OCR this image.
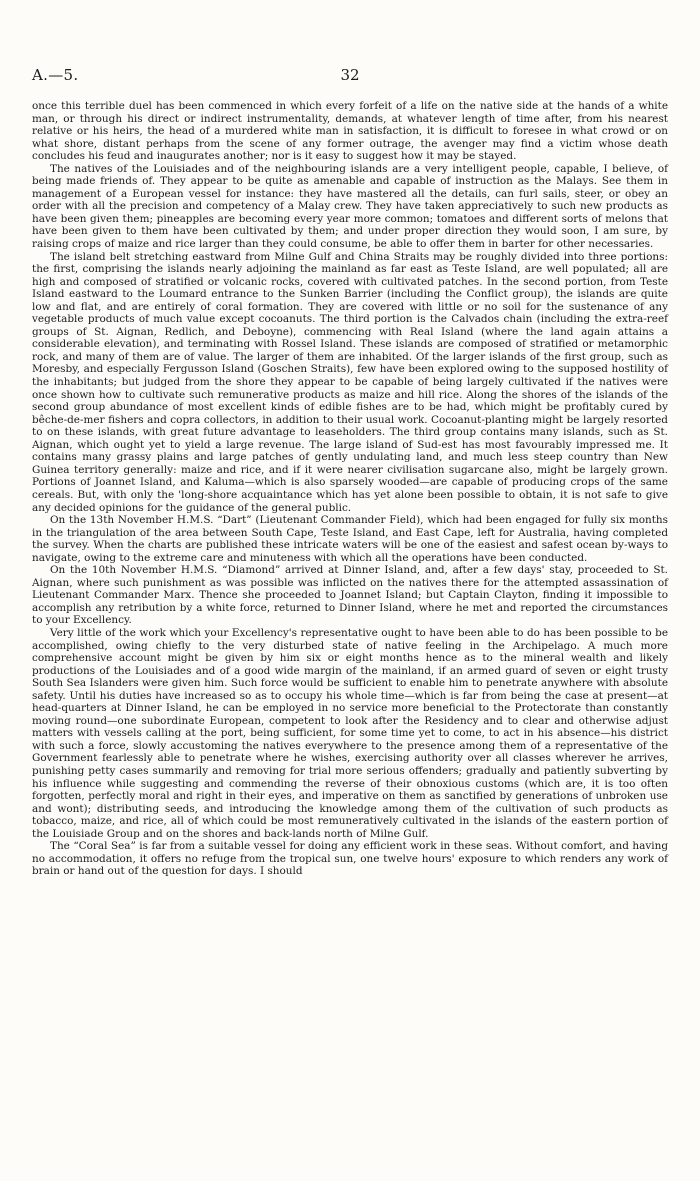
A.—5.	32

once this terrible duel has been commenced in which every forfeit of a life on the native side at the hands of a white man, or through his direct or indirect instrumentality, demands, at whatever length of time after, from his nearest relative or his heirs, the head of a murdered white man in satisfaction, it is difficult to foresee in what crowd or on what shore, distant perhaps from the scene of any former outrage, the avenger may find a victim whose death concludes his feud and inaugurates another; nor is it easy to suggest how it may be stayed.

The natives of the Louisiades and of the neighbouring islands are a very intelligent people, capable, I believe, of being made friends of. They appear to be quite as amenable and capable of instruction as the Malays. See them in management of a European vessel for instance: they have mastered all the details, can furl sails, steer, or obey an order with all the precision and competency of a Malay crew. They have taken appreciatively to such new products as have been given them; pineapples are becoming every year more common; tomatoes and different sorts of melons that have been given to them have been cultivated by them; and under proper direction they would soon, I am sure, by raising crops of maize and rice larger than they could consume, be able to offer them in barter for other necessaries.

The island belt stretching eastward from Milne Gulf and China Straits may be roughly divided into three portions: the first, comprising the islands nearly adjoining the mainland as far east as Teste Island, are well populated; all are high and composed of stratified or volcanic rocks, covered with cultivated patches. In the second portion, from Teste Island eastward to the Loumard entrance to the Sunken Barrier (including the Conflict group), the islands are quite low and flat, and are entirely of coral formation. They are covered with little or no soil for the sustenance of any vegetable products of much value except cocoanuts. The third portion is the Calvados chain (including the extra-reef groups of St. Aignan, Redlich, and Deboyne), commencing with Real Island (where the land again attains a considerable elevation), and terminating with Rossel Island. These islands are composed of stratified or metamorphic rock, and many of them are of value. The larger of them are inhabited. Of the larger islands of the first group, such as Moresby, and especially Fergusson Island (Goschen Straits), few have been explored owing to the supposed hostility of the inhabitants; but judged from the shore they appear to be capable of being largely cultivated if the natives were once shown how to cultivate such remunerative products as maize and hill rice. Along the shores of the islands of the second group abundance of most excellent kinds of edible fishes are to be had, which might be profitably cured by bêche-de-mer fishers and copra collectors, in addition to their usual work. Cocoanut-planting might be largely resorted to on these islands, with great future advantage to leaseholders. The third group contains many islands, such as St. Aignan, which ought yet to yield a large revenue. The large island of Sud-est has most favourably impressed me. It contains many grassy plains and large patches of gently undulating land, and much less steep country than New Guinea territory generally: maize and rice, and if it were nearer civilisation sugarcane also, might be largely grown. Portions of Joannet Island, and Kaluma—which is also sparsely wooded—are capable of producing crops of the same cereals. But, with only the 'long-shore acquaintance which has yet alone been possible to obtain, it is not safe to give any decided opinions for the guidance of the general public.

On the 13th November H.M.S. “Dart” (Lieutenant Commander Field), which had been engaged for fully six months in the triangulation of the area between South Cape, Teste Island, and East Cape, left for Australia, having completed the survey. When the charts are published these intricate waters will be one of the easiest and safest ocean by-ways to navigate, owing to the extreme care and minuteness with which all the operations have been conducted.

On the 10th November H.M.S. “Diamond” arrived at Dinner Island, and, after a few days' stay, proceeded to St. Aignan, where such punishment as was possible was inflicted on the natives there for the attempted assassination of Lieutenant Commander Marx. Thence she proceeded to Joannet Island; but Captain Clayton, finding it impossible to accomplish any retribution by a white force, returned to Dinner Island, where he met and reported the circumstances to your Excellency.

Very little of the work which your Excellency's representative ought to have been able to do has been possible to be accomplished, owing chiefly to the very disturbed state of native feeling in the Archipelago. A much more comprehensive account might be given by him six or eight months hence as to the mineral wealth and likely productions of the Louisiades and of a good wide margin of the mainland, if an armed guard of seven or eight trusty South Sea Islanders were given him. Such force would be sufficient to enable him to penetrate anywhere with absolute safety. Until his duties have increased so as to occupy his whole time—which is far from being the case at present—at head-quarters at Dinner Island, he can be employed in no service more beneficial to the Protectorate than constantly moving round—one subordinate European, competent to look after the Residency and to clear and otherwise adjust matters with vessels calling at the port, being sufficient, for some time yet to come, to act in his absence—his district with such a force, slowly accustoming the natives everywhere to the presence among them of a representative of the Government fearlessly able to penetrate where he wishes, exercising authority over all classes wherever he arrives, punishing petty cases summarily and removing for trial more serious offenders; gradually and patiently subverting by his influence while suggesting and commending the reverse of their obnoxious customs (which are, it is too often forgotten, perfectly moral and right in their eyes, and imperative on them as sanctified by generations of unbroken use and wont); distributing seeds, and introducing the knowledge among them of the cultivation of such products as tobacco, maize, and rice, all of which could be most remuneratively cultivated in the islands of the eastern portion of the Louisiade Group and on the shores and back-lands north of Milne Gulf.

The “Coral Sea” is far from a suitable vessel for doing any efficient work in these seas. Without comfort, and having no accommodation, it offers no refuge from the tropical sun, one twelve hours' exposure to which renders any work of brain or hand out of the question for days. I should
